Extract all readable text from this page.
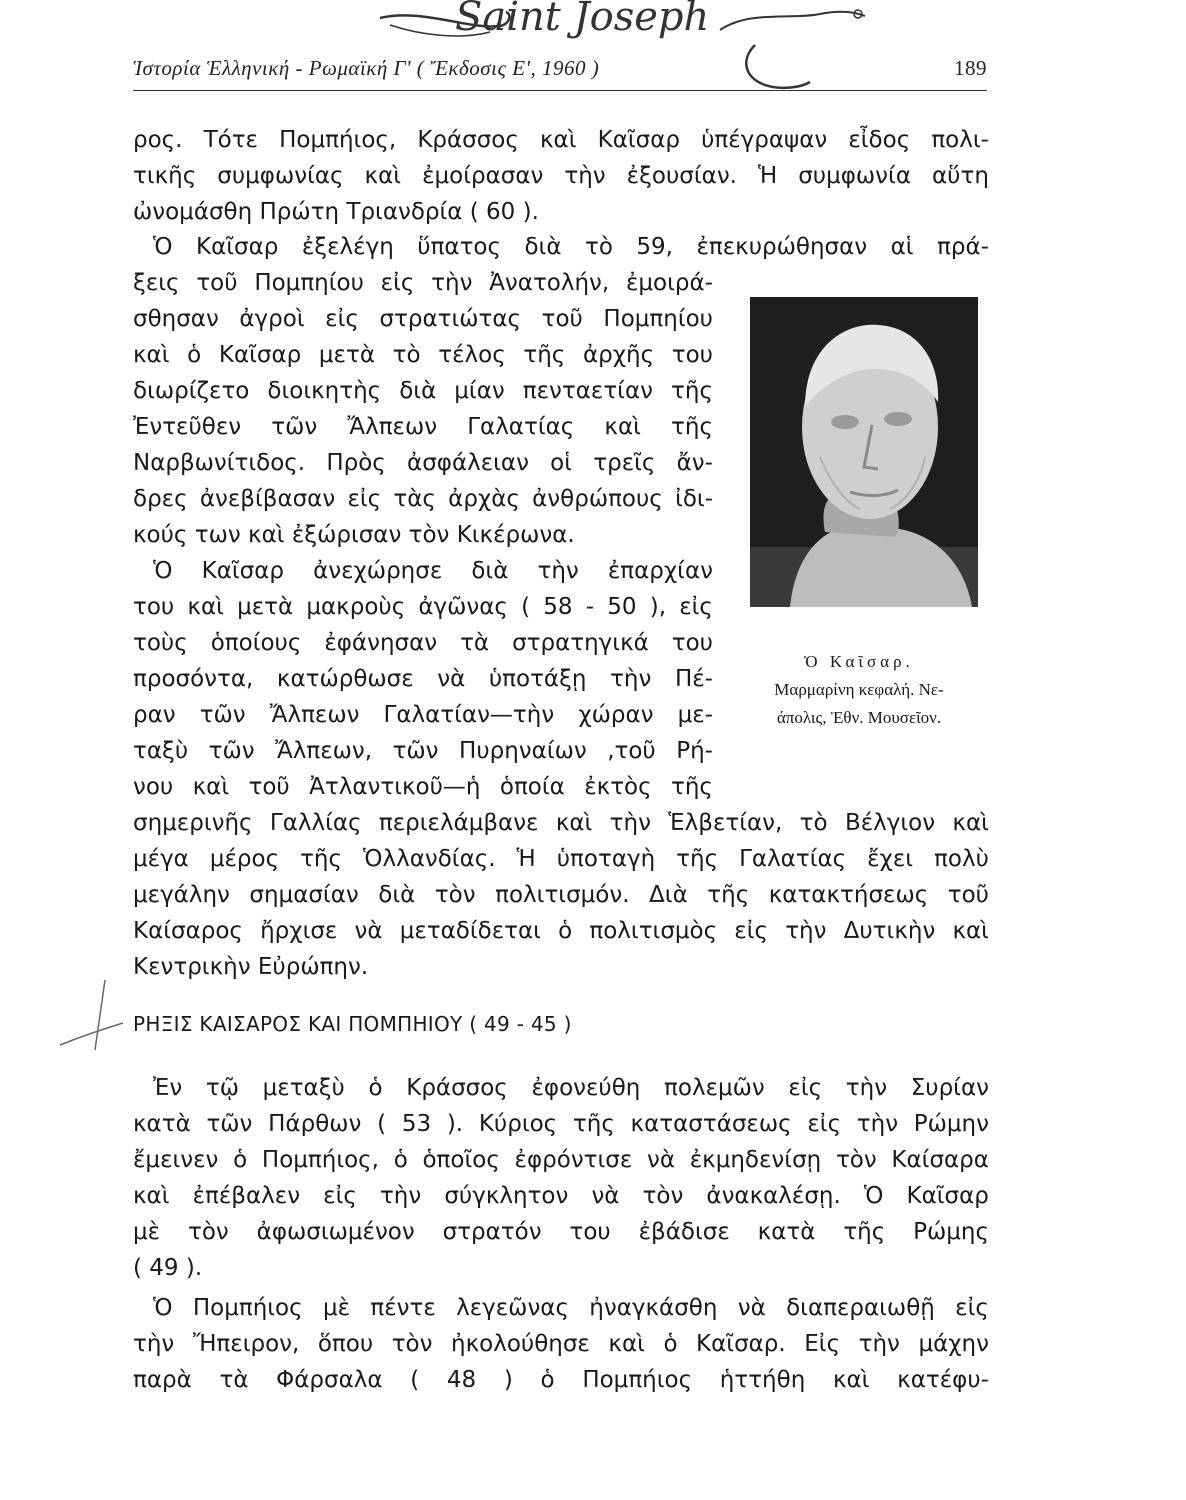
Saint Joseph
Ἱστορία Ἑλληνική - Ρωμαϊκή Γ' ( Ἔκδοσις Ε', 1960 )	189
ρος. Τότε Πομπήιος, Κράσσος καὶ Καῖσαρ ὑπέγραψαν εἶδος πολι-
τικῆς συμφωνίας καὶ ἐμοίρασαν τὴν ἐξουσίαν. Ἡ συμφωνία αὕτη
ὠνομάσθη Πρώτη Τριανδρία ( 60 ).
Ὁ Καῖσαρ ἐξελέγη ὕπατος διὰ τὸ 59, ἐπεκυρώθησαν αἱ πρά-
ξεις τοῦ Πομπηίου εἰς τὴν Ἀνατολήν, ἐμοιρά-
σθησαν ἀγροὶ εἰς στρατιώτας τοῦ Πομπηίου
καὶ ὁ Καῖσαρ μετὰ τὸ τέλος τῆς ἀρχῆς του
διωρίζετο διοικητὴς διὰ μίαν πενταετίαν τῆς
Ἐντεῦθεν τῶν Ἄλπεων Γαλατίας καὶ τῆς
Ναρβωνίτιδος. Πρὸς ἀσφάλειαν οἱ τρεῖς ἄν-
δρες ἀνεβίβασαν εἰς τὰς ἀρχὰς ἀνθρώπους ἰδι-
κούς των καὶ ἐξώρισαν τὸν Κικέρωνα.
Ὁ Καῖσαρ ἀνεχώρησε διὰ τὴν ἐπαρχίαν
του καὶ μετὰ μακροὺς ἀγῶνας ( 58 - 50 ), εἰς
τοὺς ὁποίους ἐφάνησαν τὰ στρατηγικά του
προσόντα, κατώρθωσε νὰ ὑποτάξῃ τὴν Πέ-
ραν τῶν Ἄλπεων Γαλατίαν—τὴν χώραν με-
ταξὺ τῶν Ἄλπεων, τῶν Πυρηναίων ,τοῦ Ρή-
νου καὶ τοῦ Ἀτλαντικοῦ—ἡ ὁποία ἐκτὸς τῆς
σημερινῆς Γαλλίας περιελάμβανε καὶ τὴν Ἑλβετίαν, τὸ Βέλγιον καὶ
μέγα μέρος τῆς Ὁλλανδίας. Ἡ ὑποταγὴ τῆς Γαλατίας ἔχει πολὺ
μεγάλην σημασίαν διὰ τὸν πολιτισμόν. Διὰ τῆς κατακτήσεως τοῦ
Καίσαρος ἤρχισε νὰ μεταδίδεται ὁ πολιτισμὸς εἰς τὴν Δυτικὴν καὶ
Κεντρικὴν Εὐρώπην.
Ὁ Καῖσαρ.
Μαρμαρίνη κεφαλή. Νε-
άπολις, Ἐθν. Μουσεῖον.
ΡΗΞΙΣ ΚΑΙΣΑΡΟΣ ΚΑΙ ΠΟΜΠΗΙΟΥ ( 49 - 45 )
Ἐν τῷ μεταξὺ ὁ Κράσσος ἐφονεύθη πολεμῶν εἰς τὴν Συρίαν
κατὰ τῶν Πάρθων ( 53 ). Κύριος τῆς καταστάσεως εἰς τὴν Ρώμην
ἔμεινεν ὁ Πομπήιος, ὁ ὁποῖος ἐφρόντισε νὰ ἐκμηδενίσῃ τὸν Καίσαρα
καὶ ἐπέβαλεν εἰς τὴν σύγκλητον νὰ τὸν ἀνακαλέσῃ. Ὁ Καῖσαρ
μὲ τὸν ἀφωσιωμένον στρατόν του ἐβάδισε κατὰ τῆς Ρώμης
( 49 ).
Ὁ Πομπήιος μὲ πέντε λεγεῶνας ἠναγκάσθη νὰ διαπεραιωθῇ εἰς
τὴν Ἤπειρον, ὅπου τὸν ἠκολούθησε καὶ ὁ Καῖσαρ. Εἰς τὴν μάχην
παρὰ τὰ Φάρσαλα ( 48 ) ὁ Πομπήιος ἡττήθη καὶ κατέφυ-
